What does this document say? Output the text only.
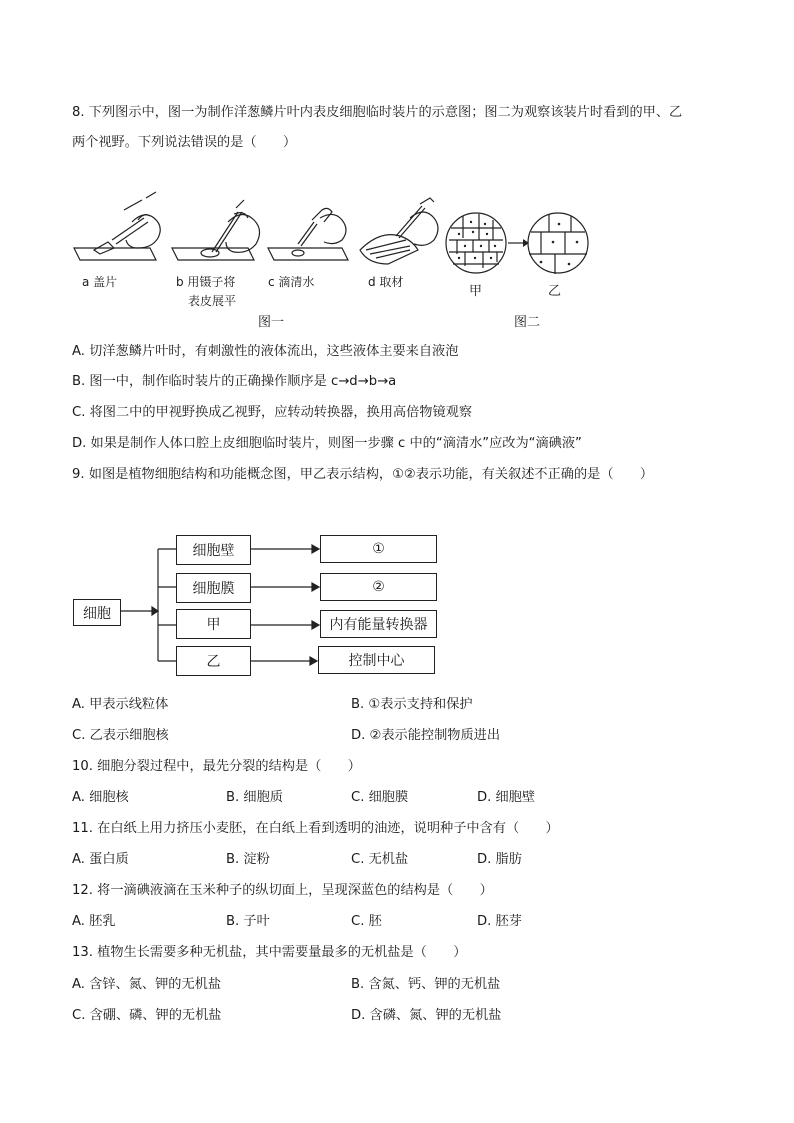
8. 下列图示中，图一为制作洋葱鳞片叶内表皮细胞临时装片的示意图；图二为观察该装片时看到的甲、乙
两个视野。下列说法错误的是（　　）
a 盖片	b 用镊子将
表皮展平
c 滴清水	d 取材
甲	乙
图一	图二
A. 切洋葱鳞片叶时，有刺激性的液体流出，这些液体主要来自液泡
B. 图一中，制作临时装片的正确操作顺序是 c→d→b→a
C. 将图二中的甲视野换成乙视野，应转动转换器，换用高倍物镜观察
D. 如果是制作人体口腔上皮细胞临时装片，则图一步骤 c 中的“滴清水”应改为“滴碘液”
9. 如图是植物细胞结构和功能概念图，甲乙表示结构，①②表示功能，有关叙述不正确的是（　　）
细胞
细胞壁
细胞膜
甲
乙
①
②
内有能量转换器
控制中心
A. 甲表示线粒体	B. ①表示支持和保护
C. 乙表示细胞核	D. ②表示能控制物质进出
10. 细胞分裂过程中，最先分裂的结构是（　　）
A. 细胞核	B. 细胞质	C. 细胞膜	D. 细胞壁
11. 在白纸上用力挤压小麦胚，在白纸上看到透明的油迹，说明种子中含有（　　）
A. 蛋白质	B. 淀粉	C. 无机盐	D. 脂肪
12. 将一滴碘液滴在玉米种子的纵切面上，呈现深蓝色的结构是（　　）
A. 胚乳	B. 子叶	C. 胚	D. 胚芽
13. 植物生长需要多种无机盐，其中需要量最多的无机盐是（　　）
A. 含锌、氮、钾的无机盐	B. 含氮、钙、钾的无机盐
C. 含硼、磷、钾的无机盐	D. 含磷、氮、钾的无机盐
